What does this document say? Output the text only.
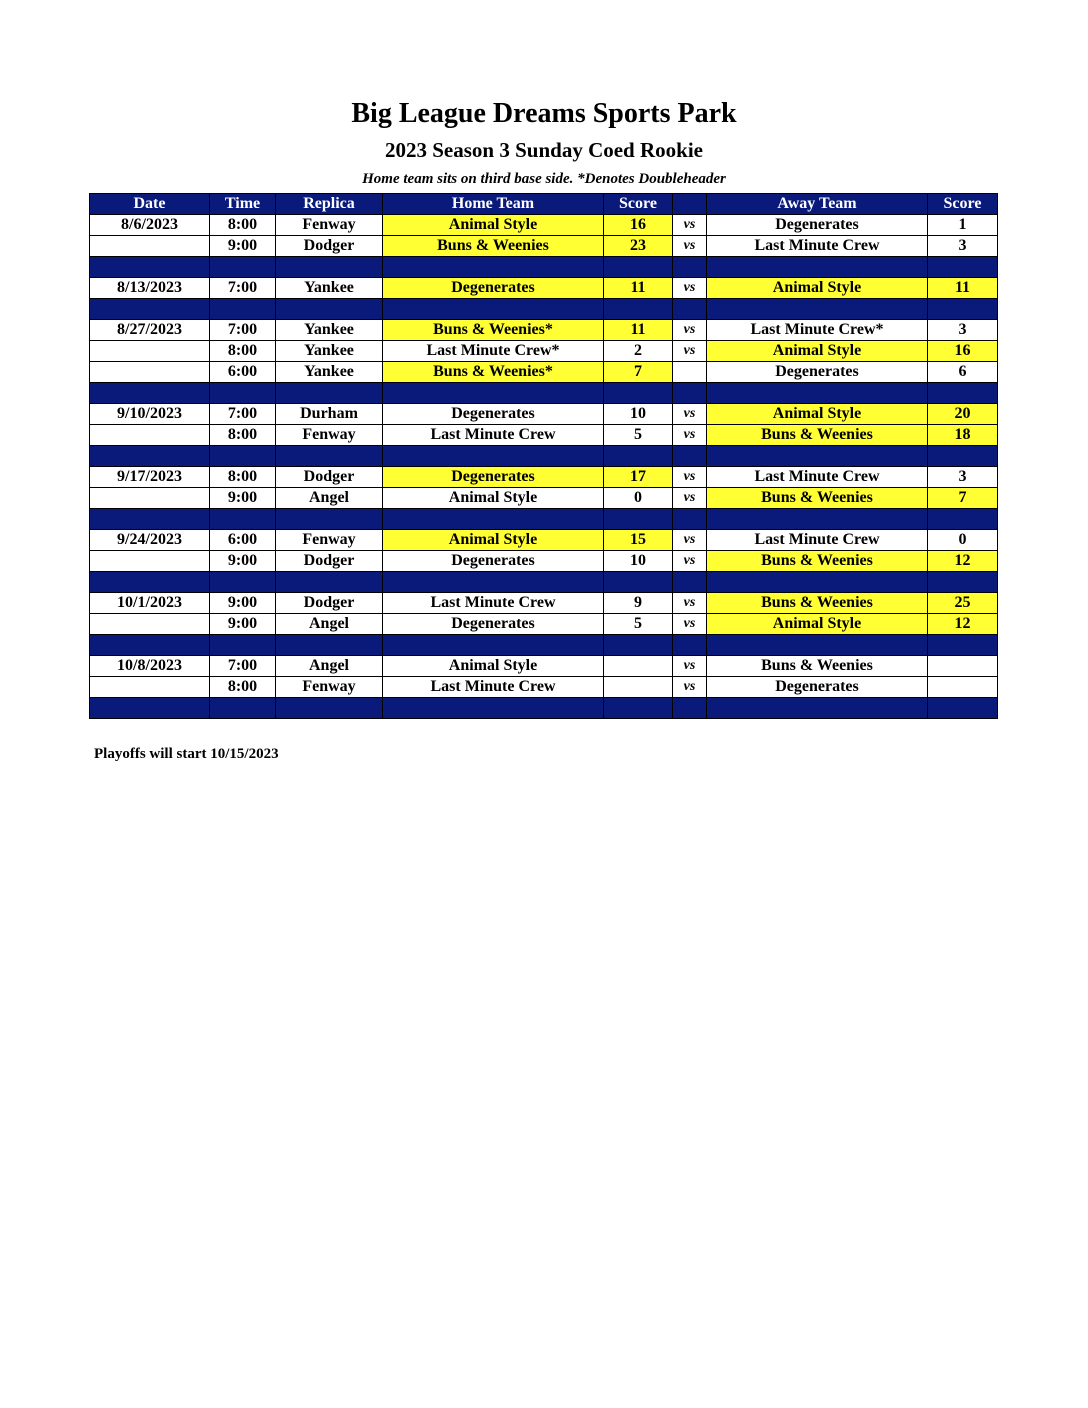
Big League Dreams Sports Park
2023 Season 3 Sunday Coed Rookie
Home team sits on third base side. *Denotes Doubleheader
Date	Time	Replica	Home Team	Score		Away Team	Score
8/6/2023	8:00	Fenway	Animal Style	16	vs	Degenerates	1
	9:00	Dodger	Buns & Weenies	23	vs	Last Minute Crew	3

8/13/2023	7:00	Yankee	Degenerates	11	vs	Animal Style	11

8/27/2023	7:00	Yankee	Buns & Weenies*	11	vs	Last Minute Crew*	3
	8:00	Yankee	Last Minute Crew*	2	vs	Animal Style	16
	6:00	Yankee	Buns & Weenies*	7		Degenerates	6

9/10/2023	7:00	Durham	Degenerates	10	vs	Animal Style	20
	8:00	Fenway	Last Minute Crew	5	vs	Buns & Weenies	18

9/17/2023	8:00	Dodger	Degenerates	17	vs	Last Minute Crew	3
	9:00	Angel	Animal Style	0	vs	Buns & Weenies	7

9/24/2023	6:00	Fenway	Animal Style	15	vs	Last Minute Crew	0
	9:00	Dodger	Degenerates	10	vs	Buns & Weenies	12

10/1/2023	9:00	Dodger	Last Minute Crew	9	vs	Buns & Weenies	25
	9:00	Angel	Degenerates	5	vs	Animal Style	12

10/8/2023	7:00	Angel	Animal Style		vs	Buns & Weenies	
	8:00	Fenway	Last Minute Crew		vs	Degenerates	

Playoffs will start 10/15/2023
